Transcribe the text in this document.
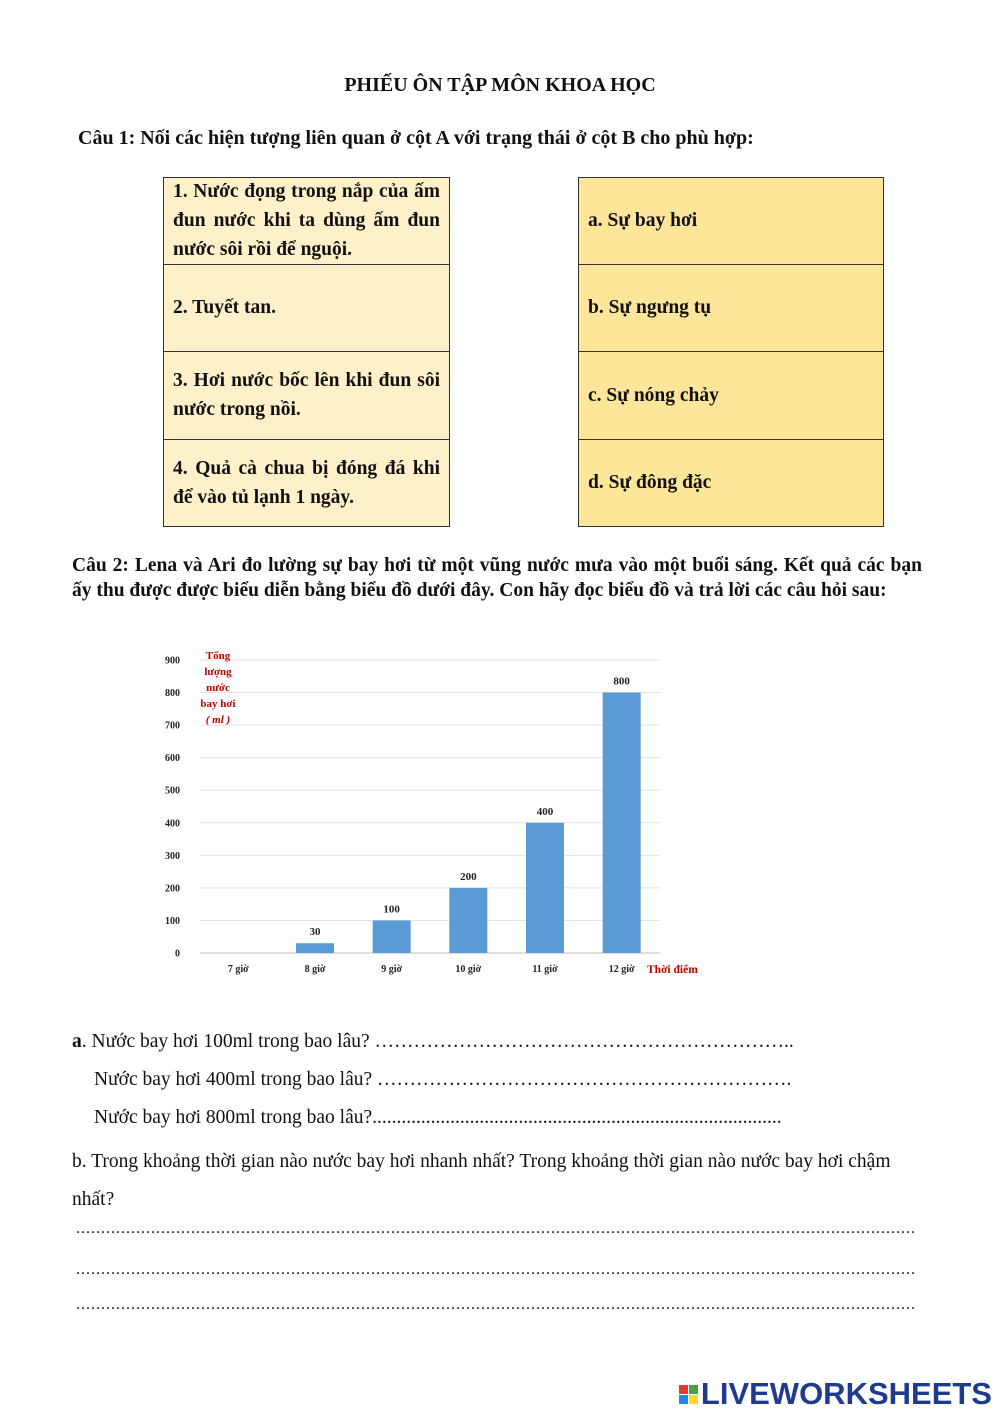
PHIẾU ÔN TẬP MÔN KHOA HỌC
Câu 1: Nối các hiện tượng liên quan ở cột A với trạng thái ở cột B cho phù hợp:
1. Nước đọng trong nắp của ấm đun nước khi ta dùng ấm đun nước sôi rồi để nguội.
2. Tuyết tan.
3. Hơi nước bốc lên khi đun sôi nước trong nồi.
4. Quả cà chua bị đóng đá khi để vào tủ lạnh 1 ngày.
a. Sự bay hơi
b. Sự ngưng tụ
c. Sự nóng chảy
d. Sự đông đặc
Câu 2: Lena và Ari đo lường sự bay hơi từ một vũng nước mưa vào một buổi sáng. Kết quả các bạn ấy thu được được biểu diễn bằng biểu đồ dưới đây. Con hãy đọc biểu đồ và trả lời các câu hỏi sau:
0
100
200
300
400
500
600
700
800
900
7 giờ
30
8 giờ
100
9 giờ
200
10 giờ
400
11 giờ
800
12 giờ
Tổng
lượng
nước
bay hơi
( ml )
Thời điểm
a. Nước bay hơi 100ml trong bao lâu? ………………………………………………………..
Nước bay hơi 400ml trong bao lâu? ……………………………………………………….
Nước bay hơi 800ml trong bao lâu?....................................................................................
b. Trong khoảng thời gian nào nước bay hơi nhanh nhất? Trong khoảng thời gian nào nước bay hơi chậm nhất?
........................................................................................................................................................................
........................................................................................................................................................................
........................................................................................................................................................................
LIVEWORKSHEETS
